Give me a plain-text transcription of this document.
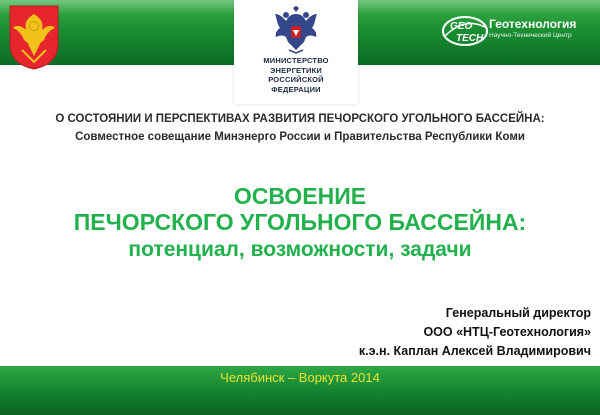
МИНИСТЕРСТВО
ЭНЕРГЕТИКИ
РОССИЙСКОЙ
ФЕДЕРАЦИИ
GEO
TECH
Геотехнология
Научно-Технический Центр
О СОСТОЯНИИ И ПЕРСПЕКТИВАХ РАЗВИТИЯ ПЕЧОРСКОГО УГОЛЬНОГО БАССЕЙНА:
Совместное совещание Минэнерго России и Правительства Республики Коми
ОСВОЕНИЕ
ПЕЧОРСКОГО УГОЛЬНОГО БАССЕЙНА:
потенциал, возможности, задачи
Генеральный директор
ООО «НТЦ-Геотехнология»
к.э.н. Каплан Алексей Владимирович
Челябинск – Воркута 2014
